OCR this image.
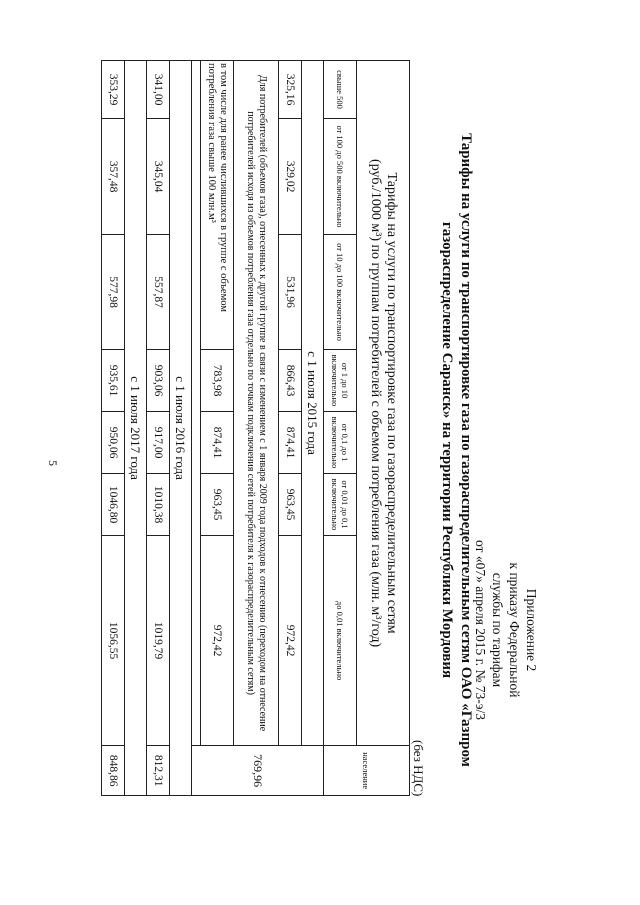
Приложение 2
к приказу Федеральной
службы по тарифам
от «07» апреля 2015 г. № 73-э/3
Тарифы на услуги по транспортировке газа по газораспределительным сетям ОАО «Газпром
газораспределение Саранск» на территории Республики Мордовия
(без НДС)
Тарифы на услуги по транспортировке газа по газораспределительным сетям
(руб./1000 м³) по группам потребителей с объемом потребления газа (млн. м³/год)							население
свыше 500	от 100 до 500 включительно	от 10 до 100 включительно	от 1 до 10 включительно	от 0,1 до 1 включительно	от 0,01 до 0,1 включительно	до 0,01 включительно	
с 1 июля 2015 года							769,96
325,16	329,02	531,96	866,43	874,41	963,45	972,42	
Для потребителей (объемов газа), отнесенных к другой группе в связи с изменением с 1 января 2009 года подходов к отнесению (переходом на отнесение потребителей исходя из объемов потребления газа отдельно по точкам подключения сетей потребителя к газораспределительным сетям)							
в том числе для ранее числившихся в группе с объемом потребления газа свыше 100 млн.м³			783,98	874,41	963,45	972,42	

с 1 июля 2016 года							
341,00	345,04	557,87	903,06	917,00	1010,38	1019,79	812,31
с 1 июля 2017 года							
353,29	357,48	577,98	935,61	950,06	1046,80	1056,55	848,86
5
